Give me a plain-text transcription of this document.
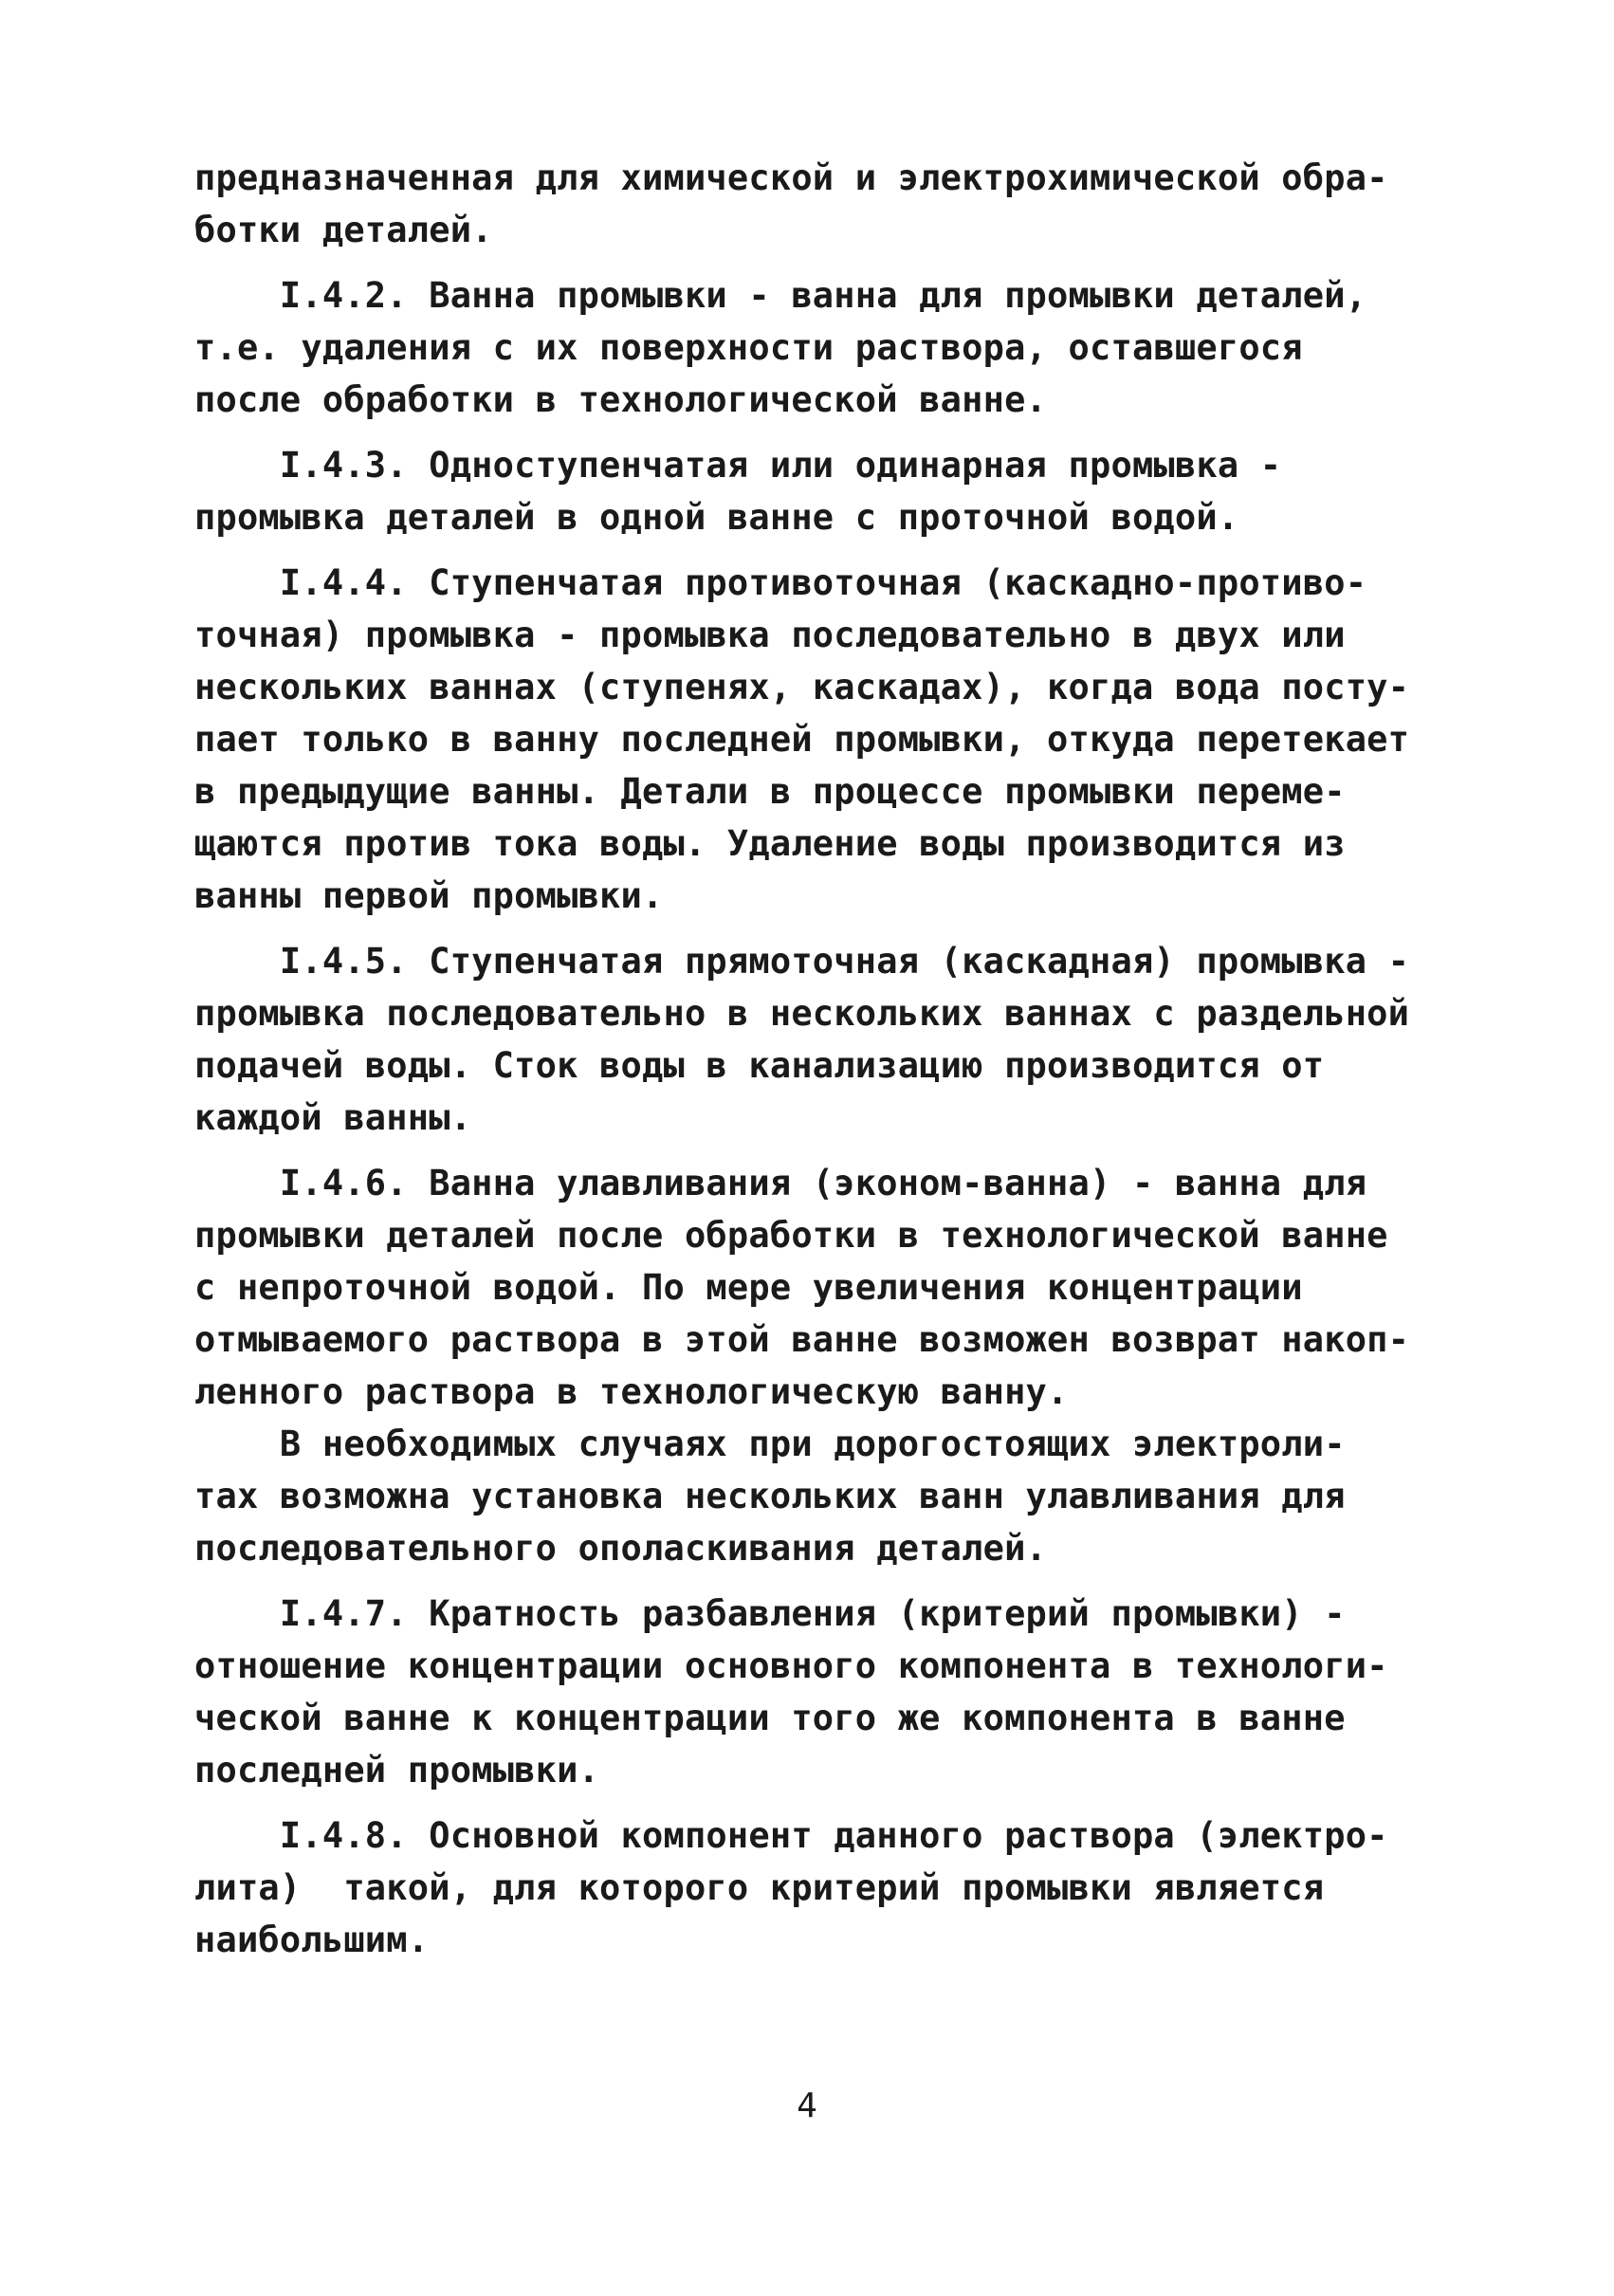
предназначенная для химической и электрохимической обра-
ботки деталей.
I.4.2. Ванна промывки - ванна для промывки деталей,
т.е. удаления с их поверхности раствора, оставшегося
после обработки в технологической ванне.
I.4.3. Одноступенчатая или одинарная промывка -
промывка деталей в одной ванне с проточной водой.
I.4.4. Ступенчатая противоточная (каскадно-противо-
точная) промывка - промывка последовательно в двух или
нескольких ваннах (ступенях, каскадах), когда вода посту-
пает только в ванну последней промывки, откуда перетекает
в предыдущие ванны. Детали в процессе промывки переме-
щаются против тока воды. Удаление воды производится из
ванны первой промывки.
I.4.5. Ступенчатая прямоточная (каскадная) промывка -
промывка последовательно в нескольких ваннах с раздельной
подачей воды. Сток воды в канализацию производится от
каждой ванны.
I.4.6. Ванна улавливания (эконом-ванна) - ванна для
промывки деталей после обработки в технологической ванне
с непроточной водой. По мере увеличения концентрации
отмываемого раствора в этой ванне возможен возврат накоп-
ленного раствора в технологическую ванну.
В необходимых случаях при дорогостоящих электроли-
тах возможна установка нескольких ванн улавливания для
последовательного ополаскивания деталей.
I.4.7. Кратность разбавления (критерий промывки) -
отношение концентрации основного компонента в технологи-
ческой ванне к концентрации того же компонента в ванне
последней промывки.
I.4.8. Основной компонент данного раствора (электро-
лита)  такой, для которого критерий промывки является
наибольшим.
4
